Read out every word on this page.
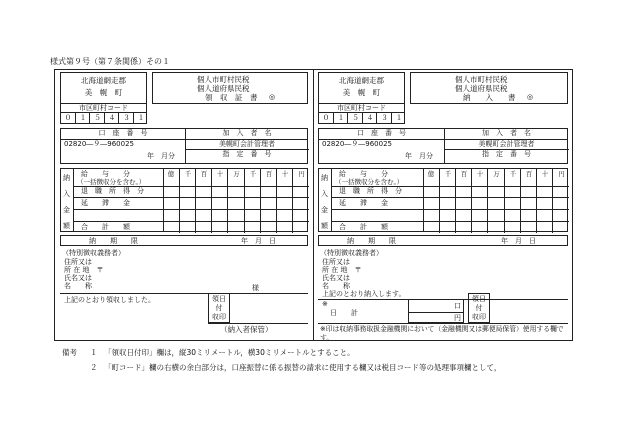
様式第９号（第７条関係）その１
北海道網走郡
美　幌　町
個人市町村民税
個人道府県民税
領　収　証　書 ◎
市区町村コード
０	１	５	４	３	１
口　座　番　号	加　入　者　名
02820―９―960025	美幌町会計管理者
年　月分	指　定　番　号
納
入
金
額
給　　与　　分
（一括徴収分を含む。）
退　職　所　得　分
延　　滞　　金
合　　計　　額
億	千	百	十	万	千	百	十	円
納　　期　　限	年　月　日
（特別徴収義務者）
住所又は
所 在 地　〒
氏名又は
名　　称	様
上記のとおり領収しました。	領日
付
収印
（納入者保管）
北海道網走郡
美　幌　町
個人市町村民税
個人道府県民税
納　　入　　書 ◎
市区町村コード
０	１	５	４	３	１
口　座　番　号	加　入　者　名
02820―９―960025	美幌町会計管理者
年　月分	指　定　番　号
納
入
金
額
給　　与　　分
（一括徴収分を含む。）
退　職　所　得　分
延　　滞　　金
合　　計　　額
億	千	百	十	万	千	百	十	円
納　　期　　限	年　月　日
（特別徴収義務者）
住所又は
所 在 地　〒
氏名又は
名　　称
上記のとおり納入します。
※
日　　計
口
円
領日
付
収印
※印は収納事務取扱金融機関において（金融機関又は郵便局保管）使用する欄です。
備考 １ 「領収日付印」欄は，縦30ミリメートル，横30ミリメートルとすること。
２ 「町コード」欄の右横の余白部分は，口座振替に係る振替の請求に使用する欄又は税目コード等の処理事項欄として，
